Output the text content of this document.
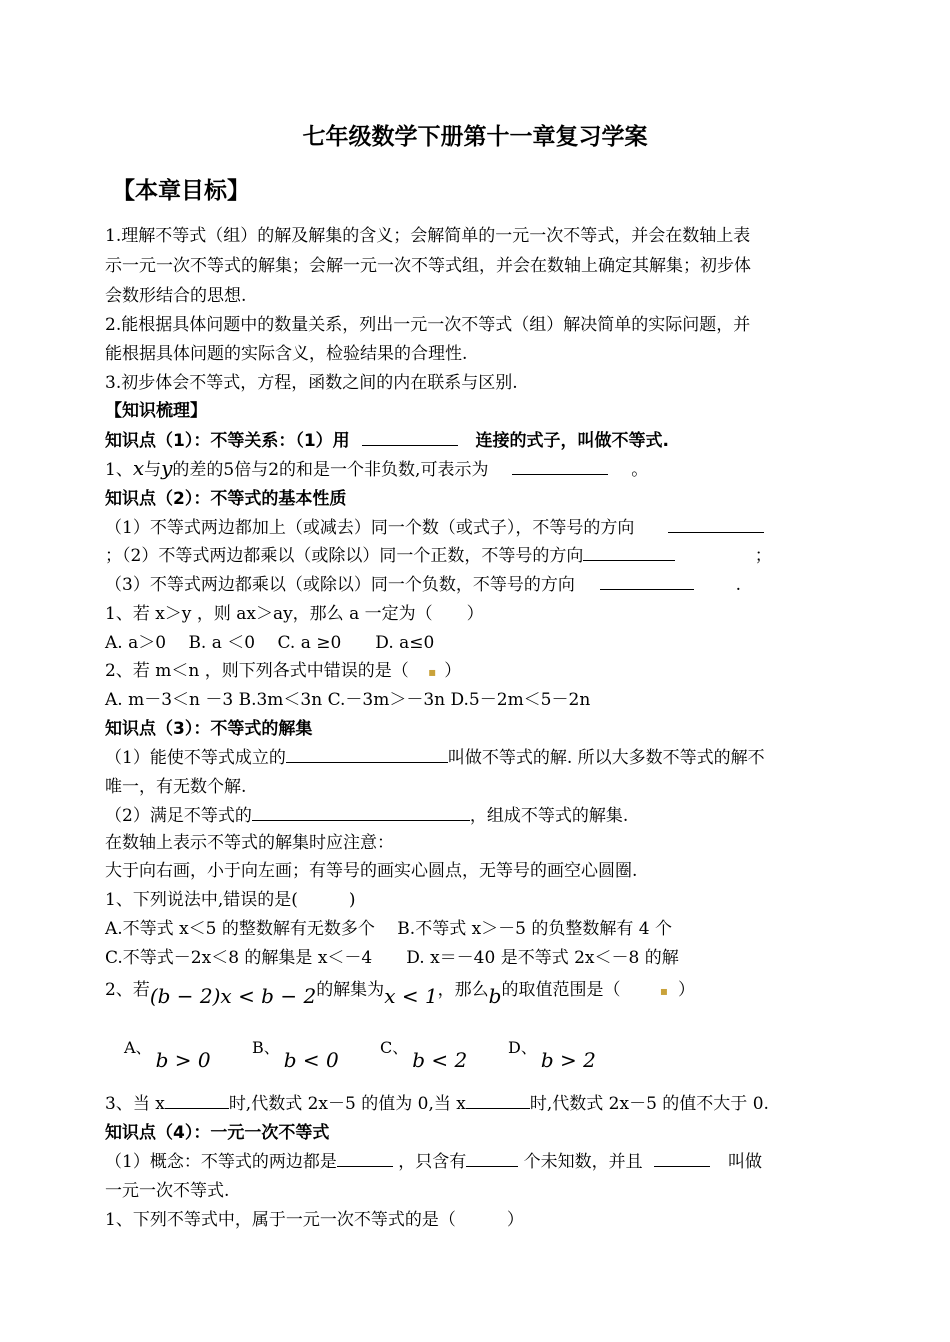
七年级数学下册第十一章复习学案
【本章目标】
1.理解不等式（组）的解及解集的含义；会解简单的一元一次不等式，并会在数轴上表
示一元一次不等式的解集；会解一元一次不等式组，并会在数轴上确定其解集；初步体
会数形结合的思想.
2.能根据具体问题中的数量关系，列出一元一次不等式（组）解决简单的实际问题，并
能根据具体问题的实际含义，检验结果的合理性.
3.初步体会不等式，方程，函数之间的内在联系与区别.
【知识梳理】
知识点（1）：不等关系：（1）用	连接的式子，叫做不等式.
1、x与y的差的5倍与2的和是一个非负数,可表示为	。
知识点（2）：不等式的基本性质
（1）不等式两边都加上（或减去）同一个数（或式子），不等号的方向
；（2）不等式两边都乘以（或除以）同一个正数，不等号的方向	；
（3）不等式两边都乘以（或除以）同一个负数，不等号的方向	.
1、若 x＞y ，则 ax＞ay，那么 a 一定为（　　）
A. a＞0　 B. a ＜0　 C. a ≥0　　D. a≤0
2、若 m＜n ，则下列各式中错误的是（ ▪ ）
A. m－3＜n －3 B.3m＜3n C.－3m＞－3n D.5－2m＜5－2n
知识点（3）：不等式的解集
（1）能使不等式成立的	叫做不等式的解. 所以大多数不等式的解不
唯一，有无数个解.
（2）满足不等式的	，组成不等式的解集.
在数轴上表示不等式的解集时应注意：
大于向右画，小于向左画；有等号的画实心圆点，无等号的画空心圆圈.
1、下列说法中,错误的是(　　　)
A.不等式 x＜5 的整数解有无数多个　 B.不等式 x＞－5 的负整数解有 4 个
C.不等式－2x＜8 的解集是 x＜－4　　D. x＝－40 是不等式 2x＜－8 的解
2、若(b − 2)x < b − 2的解集为x < 1，那么b的取值范围是（	▪ ）
A、b > 0
B、b < 0
C、b < 2
D、b > 2
3、当 x	时,代数式 2x－5 的值为 0,当 x	时,代数式 2x－5 的值不大于 0.
知识点（4）：一元一次不等式
（1）概念：不等式的两边都是	，只含有	个未知数，并且	叫做
一元一次不等式.
1、下列不等式中，属于一元一次不等式的是（　　　）
